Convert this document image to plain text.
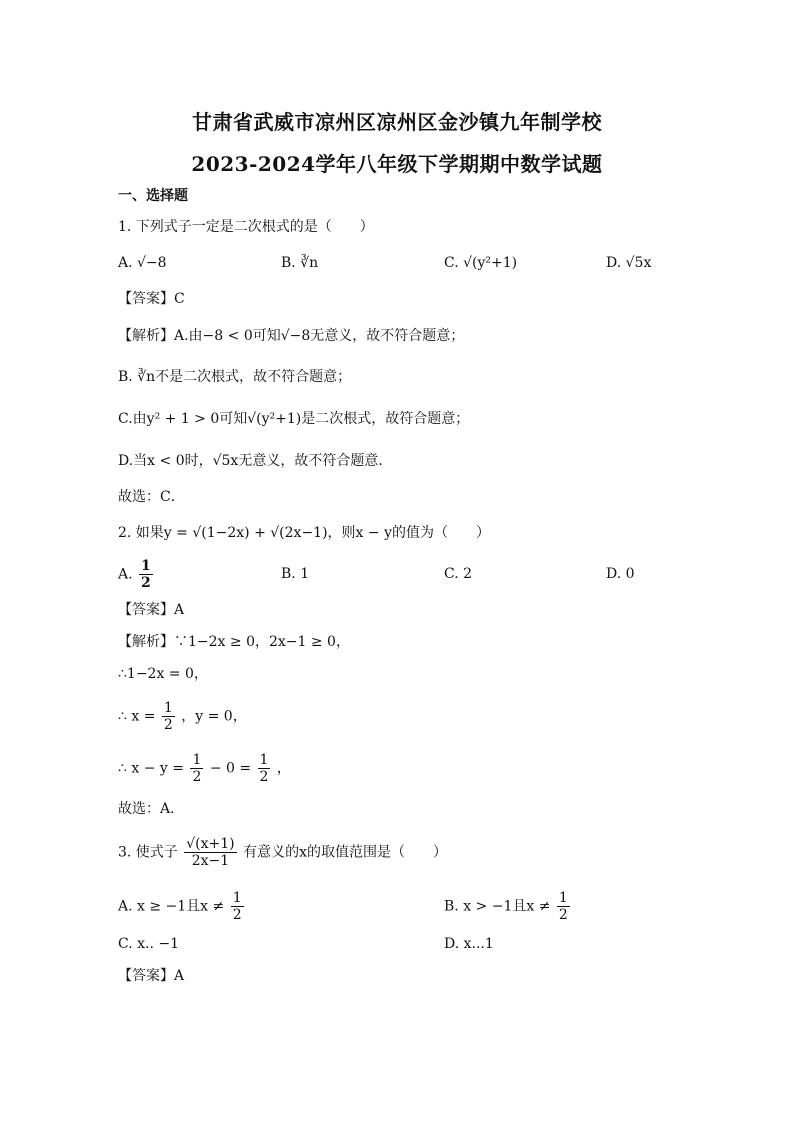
甘肃省武威市凉州区凉州区金沙镇九年制学校
2023-2024学年八年级下学期期中数学试题
一、选择题
1. 下列式子一定是二次根式的是（　　）
A. √−8	B. ∛n	C. √(y²+1)	D. √5x
【答案】C
【解析】A.由−8 < 0可知√−8无意义，故不符合题意；
B. ∛n不是二次根式，故不符合题意；
C.由y² + 1 > 0可知√(y²+1)是二次根式，故符合题意；
D.当x < 0时，√5x无意义，故不符合题意．
故选：C．
2. 如果y = √(1−2x) + √(2x−1)，则x − y的值为（　　）
A. $\frac{1}{2}$	B. 1	C. 2	D. 0
【答案】A
【解析】∵1−2x ≥ 0，2x−1 ≥ 0，
∴1−2x = 0，
∴ $x = \frac{1}{2}$ ，y = 0，
∴ $x - y = \frac{1}{2} - 0 = \frac{1}{2}$ ，
故选：A．
3. 使式子 $\frac{√(x+1)}{2x-1}$ 有意义的x的取值范围是（　　）
A. x ≥ −1且$x \ne \frac{1}{2}$	B. x > −1且$x \ne \frac{1}{2}$
C. x.. −1	D. x...1
【答案】A
